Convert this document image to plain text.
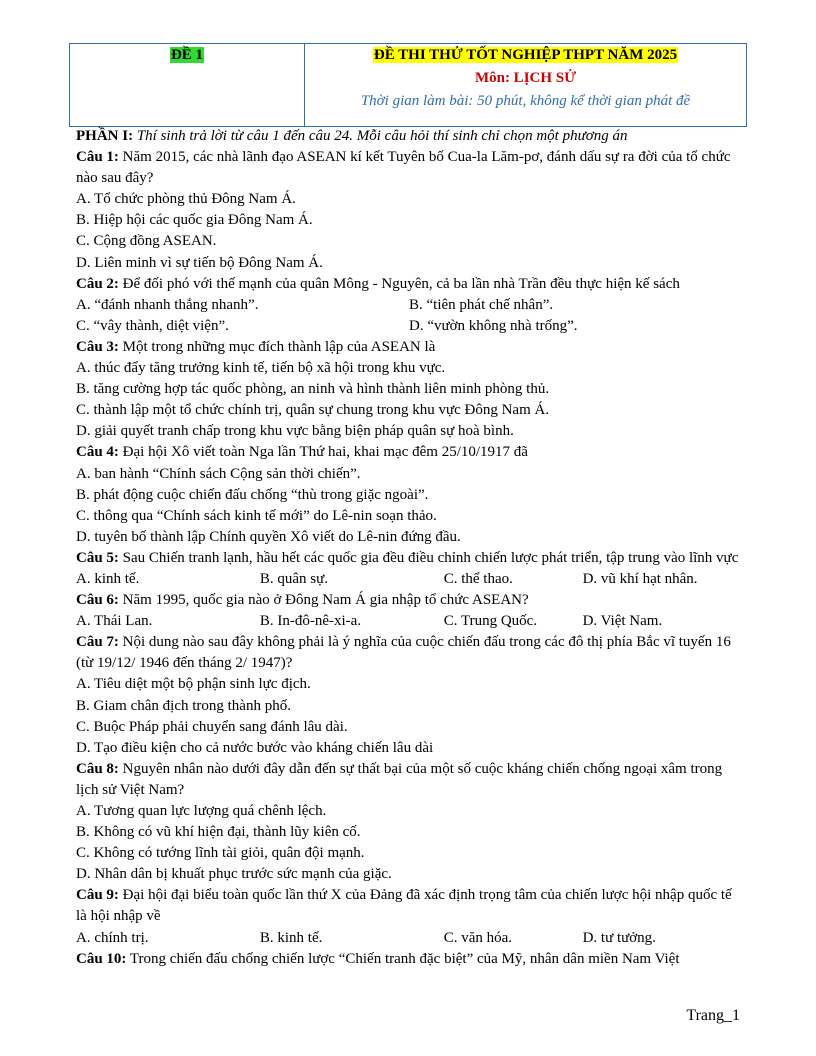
ĐỀ 1	ĐỀ THI THỬ TỐT NGHIỆP THPT NĂM 2025
Môn: LỊCH SỬ
Thời gian làm bài: 50 phút, không kể thời gian phát đề
PHẦN I: Thí sinh trả lời từ câu 1 đến câu 24. Mỗi câu hỏi thí sinh chỉ chọn một phương án
Câu 1: Năm 2015, các nhà lãnh đạo ASEAN kí kết Tuyên bố Cua-la Lăm-pơ, đánh dấu sự ra đời của tổ chức nào sau đây?
A. Tổ chức phòng thủ Đông Nam Á.
B. Hiệp hội các quốc gia Đông Nam Á.
C. Cộng đồng ASEAN.
D. Liên minh vì sự tiến bộ Đông Nam Á.
Câu 2: Để đối phó với thế mạnh của quân Mông - Nguyên, cả ba lần nhà Trần đều thực hiện kế sách
A. “đánh nhanh thắng nhanh”.	B. “tiên phát chế nhân”.
C. “vây thành, diệt viện”.	D. “vườn không nhà trống”.
Câu 3: Một trong những mục đích thành lập của ASEAN là
A. thúc đẩy tăng trưởng kinh tế, tiến bộ xã hội trong khu vực.
B. tăng cường hợp tác quốc phòng, an ninh và hình thành liên minh phòng thủ.
C. thành lập một tổ chức chính trị, quân sự chung trong khu vực Đông Nam Á.
D. giải quyết tranh chấp trong khu vực bằng biện pháp quân sự hoà bình.
Câu 4: Đại hội Xô viết toàn Nga lần Thứ hai, khai mạc đêm 25/10/1917 đã
A. ban hành “Chính sách Cộng sản thời chiến”.
B. phát động cuộc chiến đấu chống “thù trong giặc ngoài”.
C. thông qua “Chính sách kinh tế mới” do Lê-nin soạn thảo.
D. tuyên bố thành lập Chính quyền Xô viết do Lê-nin đứng đầu.
Câu 5: Sau Chiến tranh lạnh, hầu hết các quốc gia đều điều chỉnh chiến lược phát triển, tập trung vào lĩnh vực
A. kinh tế.	B. quân sự.	C. thể thao.	D. vũ khí hạt nhân.
Câu 6: Năm 1995, quốc gia nào ở Đông Nam Á gia nhập tổ chức ASEAN?
A. Thái Lan.	B. In-đô-nê-xi-a.	C. Trung Quốc.	D. Việt Nam.
Câu 7: Nội dung nào sau đây không phải là ý nghĩa của cuộc chiến đấu trong các đô thị phía Bắc vĩ tuyến 16 (từ 19/12/ 1946 đến tháng 2/ 1947)?
A. Tiêu diệt một bộ phận sinh lực địch.
B. Giam chân địch trong thành phố.
C. Buộc Pháp phải chuyển sang đánh lâu dài.
D. Tạo điều kiện cho cả nước bước vào kháng chiến lâu dài
Câu 8: Nguyên nhân nào dưới đây dẫn đến sự thất bại của một số cuộc kháng chiến chống ngoại xâm trong lịch sử Việt Nam?
A. Tương quan lực lượng quá chênh lệch.
B. Không có vũ khí hiện đại, thành lũy kiên cố.
C. Không có tướng lĩnh tài giỏi, quân đội mạnh.
D. Nhân dân bị khuất phục trước sức mạnh của giặc.
Câu 9: Đại hội đại biểu toàn quốc lần thứ X của Đảng đã xác định trọng tâm của chiến lược hội nhập quốc tế là hội nhập về
A. chính trị.	B. kinh tế.	C. văn hóa.	D. tư tưởng.
Câu 10: Trong chiến đấu chống chiến lược “Chiến tranh đặc biệt” của Mỹ, nhân dân miền Nam Việt
Trang_1
